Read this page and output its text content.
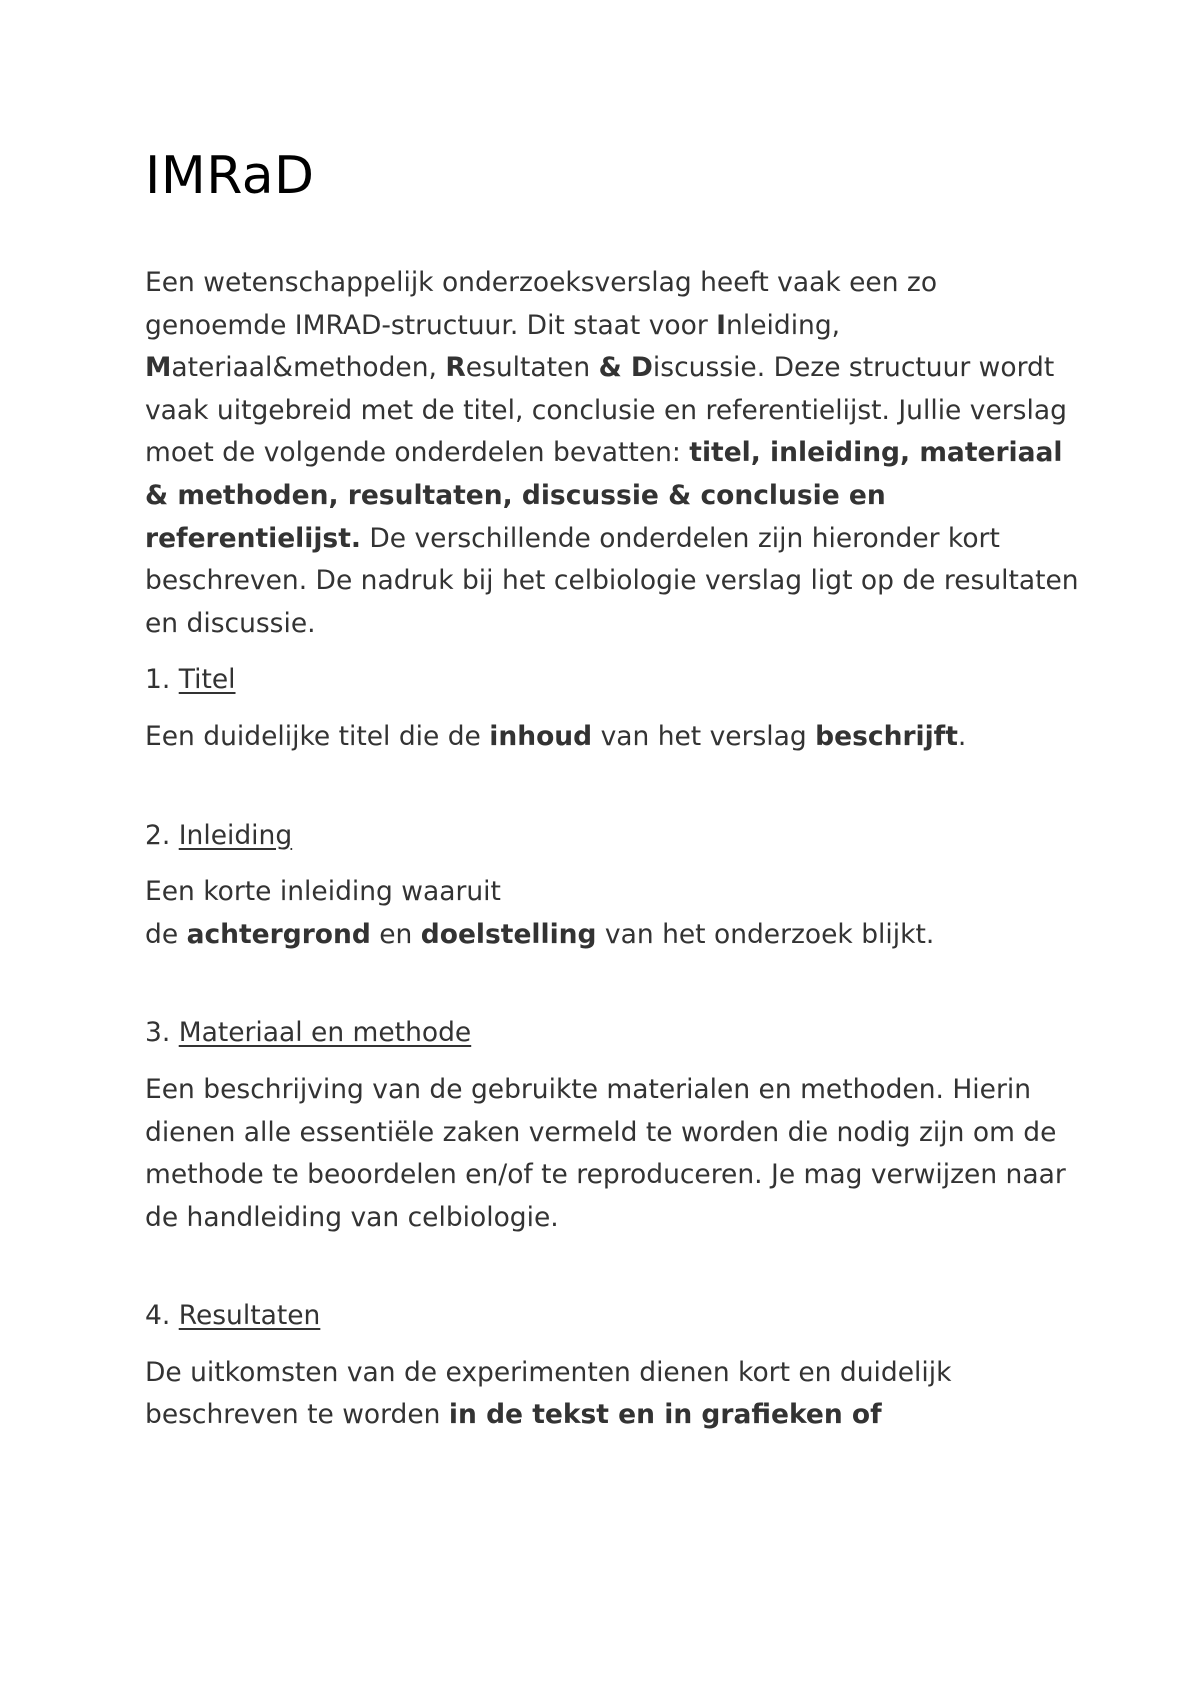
IMRaD

Een wetenschappelijk onderzoeksverslag heeft vaak een zo genoemde IMRAD-structuur. Dit staat voor Inleiding, Materiaal&methoden, Resultaten & Discussie. Deze structuur wordt vaak uitgebreid met de titel, conclusie en referentielijst. Jullie verslag moet de volgende onderdelen bevatten: titel, inleiding, materiaal & methoden, resultaten, discussie & conclusie en referentielijst. De verschillende onderdelen zijn hieronder kort beschreven. De nadruk bij het celbiologie verslag ligt op de resultaten en discussie.

1. Titel

Een duidelijke titel die de inhoud van het verslag beschrijft.

2. Inleiding

Een korte inleiding waaruit
de achtergrond en doelstelling van het onderzoek blijkt.

3. Materiaal en methode

Een beschrijving van de gebruikte materialen en methoden. Hierin dienen alle essentiële zaken vermeld te worden die nodig zijn om de methode te beoordelen en/of te reproduceren. Je mag verwijzen naar de handleiding van celbiologie.

4. Resultaten

De uitkomsten van de experimenten dienen kort en duidelijk beschreven te worden in de tekst en in grafieken of
